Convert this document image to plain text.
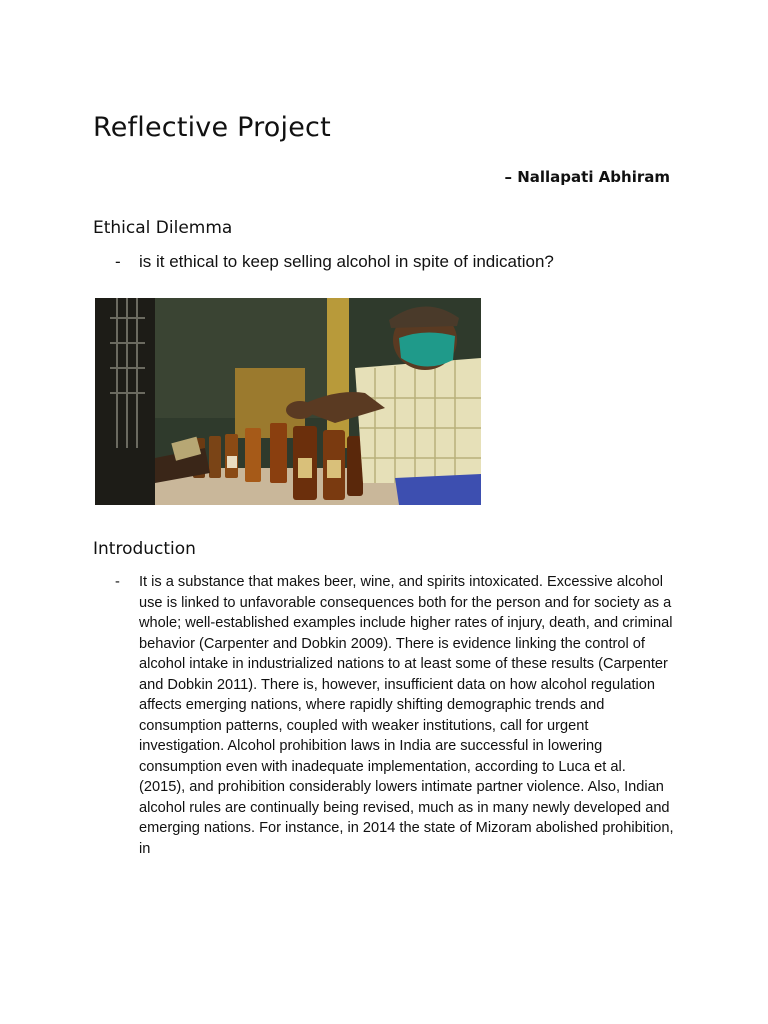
Reflective Project
– Nallapati Abhiram
Ethical Dilemma
-	is it ethical to keep selling alcohol in spite of indication?
Introduction
-	It is a substance that makes beer, wine, and spirits intoxicated. Excessive alcohol use is linked to unfavorable consequences both for the person and for society as a whole; well-established examples include higher rates of injury, death, and criminal behavior (Carpenter and Dobkin 2009). There is evidence linking the control of alcohol intake in industrialized nations to at least some of these results (Carpenter and Dobkin 2011). There is, however, insufficient data on how alcohol regulation affects emerging nations, where rapidly shifting demographic trends and consumption patterns, coupled with weaker institutions, call for urgent investigation. Alcohol prohibition laws in India are successful in lowering consumption even with inadequate implementation, according to Luca et al. (2015), and prohibition considerably lowers intimate partner violence. Also, Indian alcohol rules are continually being revised, much as in many newly developed and emerging nations. For instance, in 2014 the state of Mizoram abolished prohibition, in
